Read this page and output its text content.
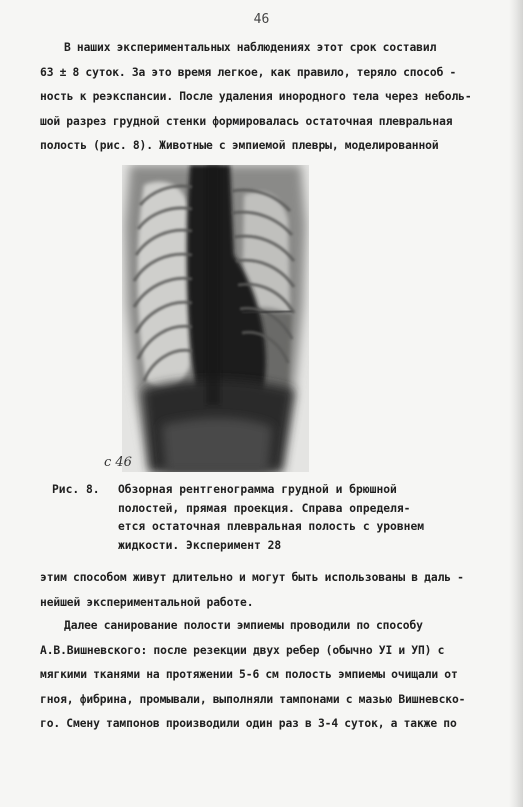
46
В наших экспериментальных наблюдениях этот срок составил
63 ± 8 суток. За это время легкое, как правило, теряло способ -
ность к реэкспансии. После удаления инородного тела через неболь-
шой разрез грудной стенки формировалась остаточная плевральная
полость (рис. 8). Животные с эмпиемой плевры, моделированной
с 46
Рис. 8. Обзорная рентгенограмма грудной и брюшной
полостей, прямая проекция. Справа определя-
ется остаточная плевральная полость с уровнем
жидкости. Эксперимент 28
этим способом живут длительно и могут быть использованы в даль -
нейшей экспериментальной работе.
Далее санирование полости эмпиемы проводили по способу
А.В.Вишневского: после резекции двух ребер (обычно УI и УП) с
мягкими тканями на протяжении 5-6 см полость эмпиемы очищали от
гноя, фибрина, промывали, выполняли тампонами с мазью Вишневско-
го. Смену тампонов производили один раз в 3-4 суток, а также по
